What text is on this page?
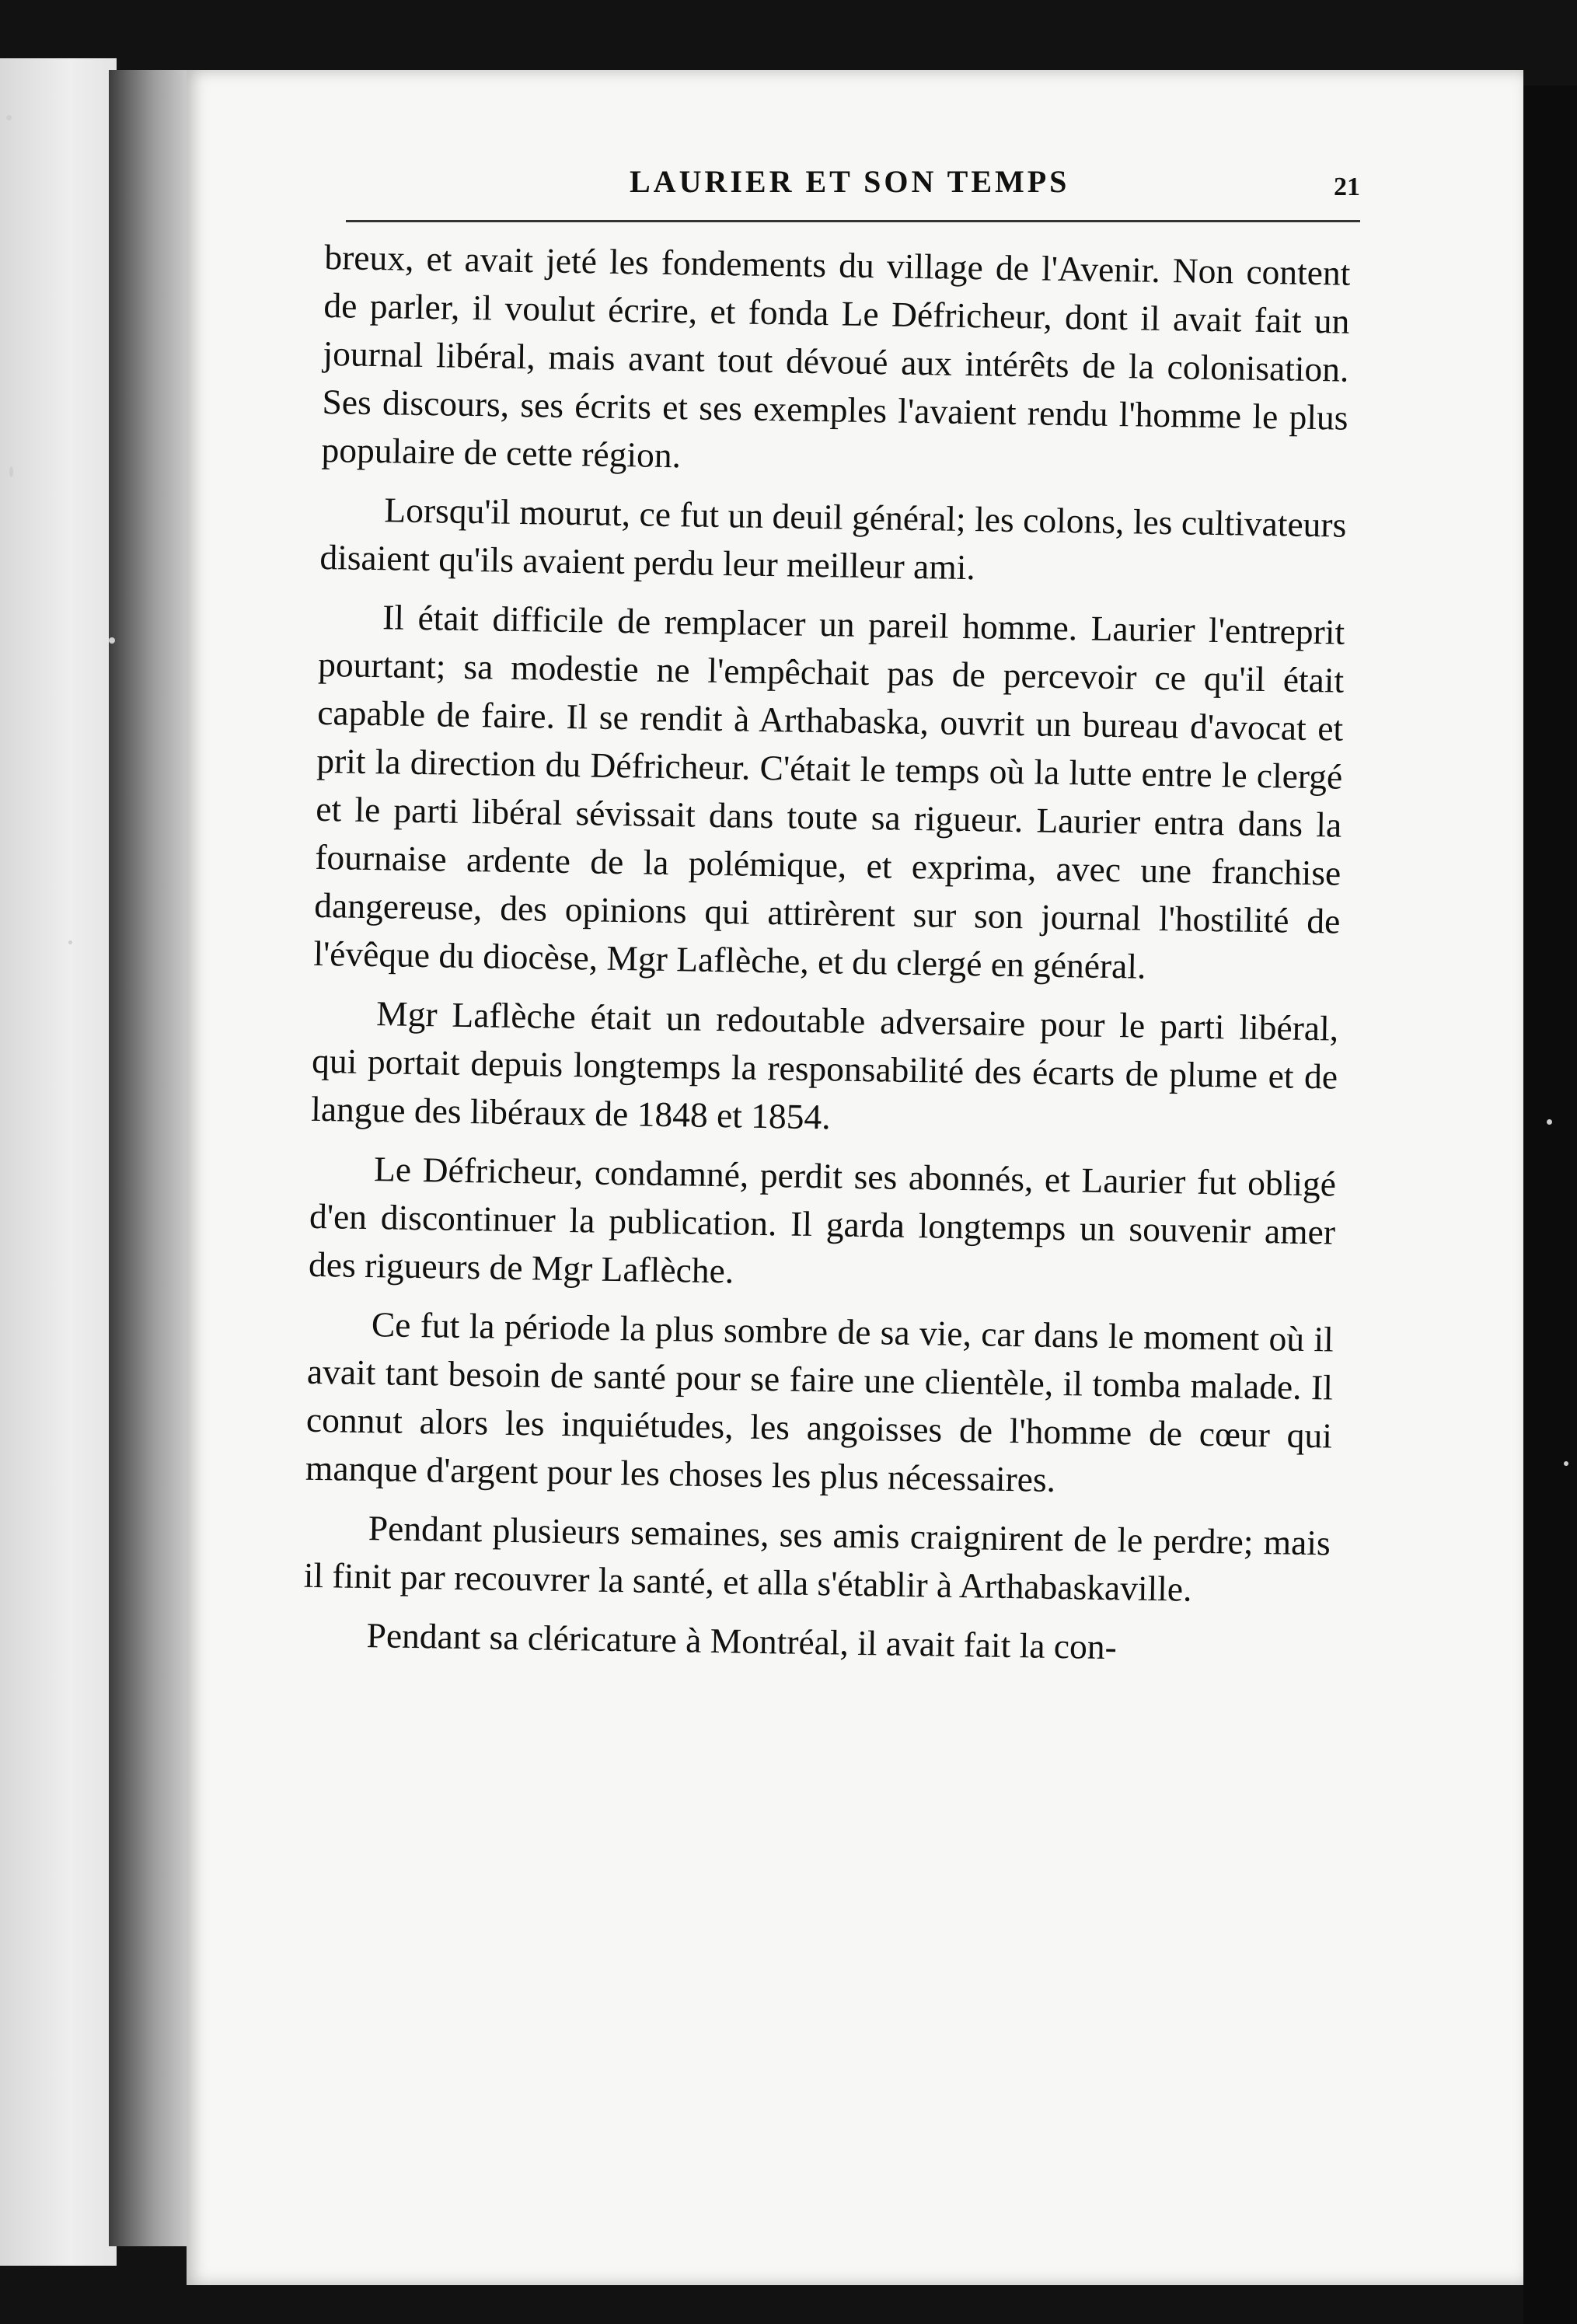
LAURIER ET SON TEMPS	21

breux, et avait jeté les fondements du village de l'Avenir. Non content de parler, il voulut écrire, et fonda Le Défricheur, dont il avait fait un journal libéral, mais avant tout dévoué aux intérêts de la colonisation. Ses discours, ses écrits et ses exemples l'avaient rendu l'homme le plus populaire de cette région.

Lorsqu'il mourut, ce fut un deuil général; les colons, les cultivateurs disaient qu'ils avaient perdu leur meilleur ami.

Il était difficile de remplacer un pareil homme. Laurier l'entreprit pourtant; sa modestie ne l'empêchait pas de percevoir ce qu'il était capable de faire. Il se rendit à Arthabaska, ouvrit un bureau d'avocat et prit la direction du Défricheur. C'était le temps où la lutte entre le clergé et le parti libéral sévissait dans toute sa rigueur. Laurier entra dans la fournaise ardente de la polémique, et exprima, avec une franchise dangereuse, des opinions qui attirèrent sur son journal l'hostilité de l'évêque du diocèse, Mgr Laflèche, et du clergé en général.

Mgr Laflèche était un redoutable adversaire pour le parti libéral, qui portait depuis longtemps la responsabilité des écarts de plume et de langue des libéraux de 1848 et 1854.

Le Défricheur, condamné, perdit ses abonnés, et Laurier fut obligé d'en discontinuer la publication. Il garda longtemps un souvenir amer des rigueurs de Mgr Laflèche.

Ce fut la période la plus sombre de sa vie, car dans le moment où il avait tant besoin de santé pour se faire une clientèle, il tomba malade. Il connut alors les inquiétudes, les angoisses de l'homme de cœur qui manque d'argent pour les choses les plus nécessaires.

Pendant plusieurs semaines, ses amis craignirent de le perdre; mais il finit par recouvrer la santé, et alla s'établir à Arthabaskaville.

Pendant sa cléricature à Montréal, il avait fait la con-
